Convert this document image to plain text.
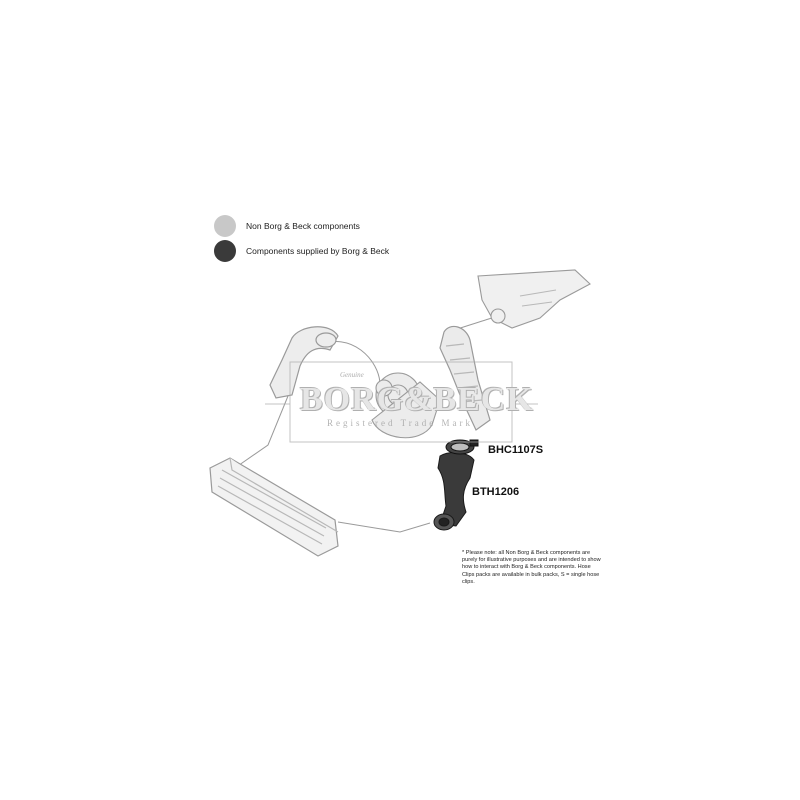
Genuine
BORG&BECK
Registered Trade Mark
Non Borg & Beck components
Components supplied by Borg & Beck
BHC1107S
BTH1206
* Please note: all Non Borg & Beck components are purely for illustrative purposes and are intended to show how to interact with Borg & Beck components. Hose Clips packs are available in bulk packs, S = single hose clips.
